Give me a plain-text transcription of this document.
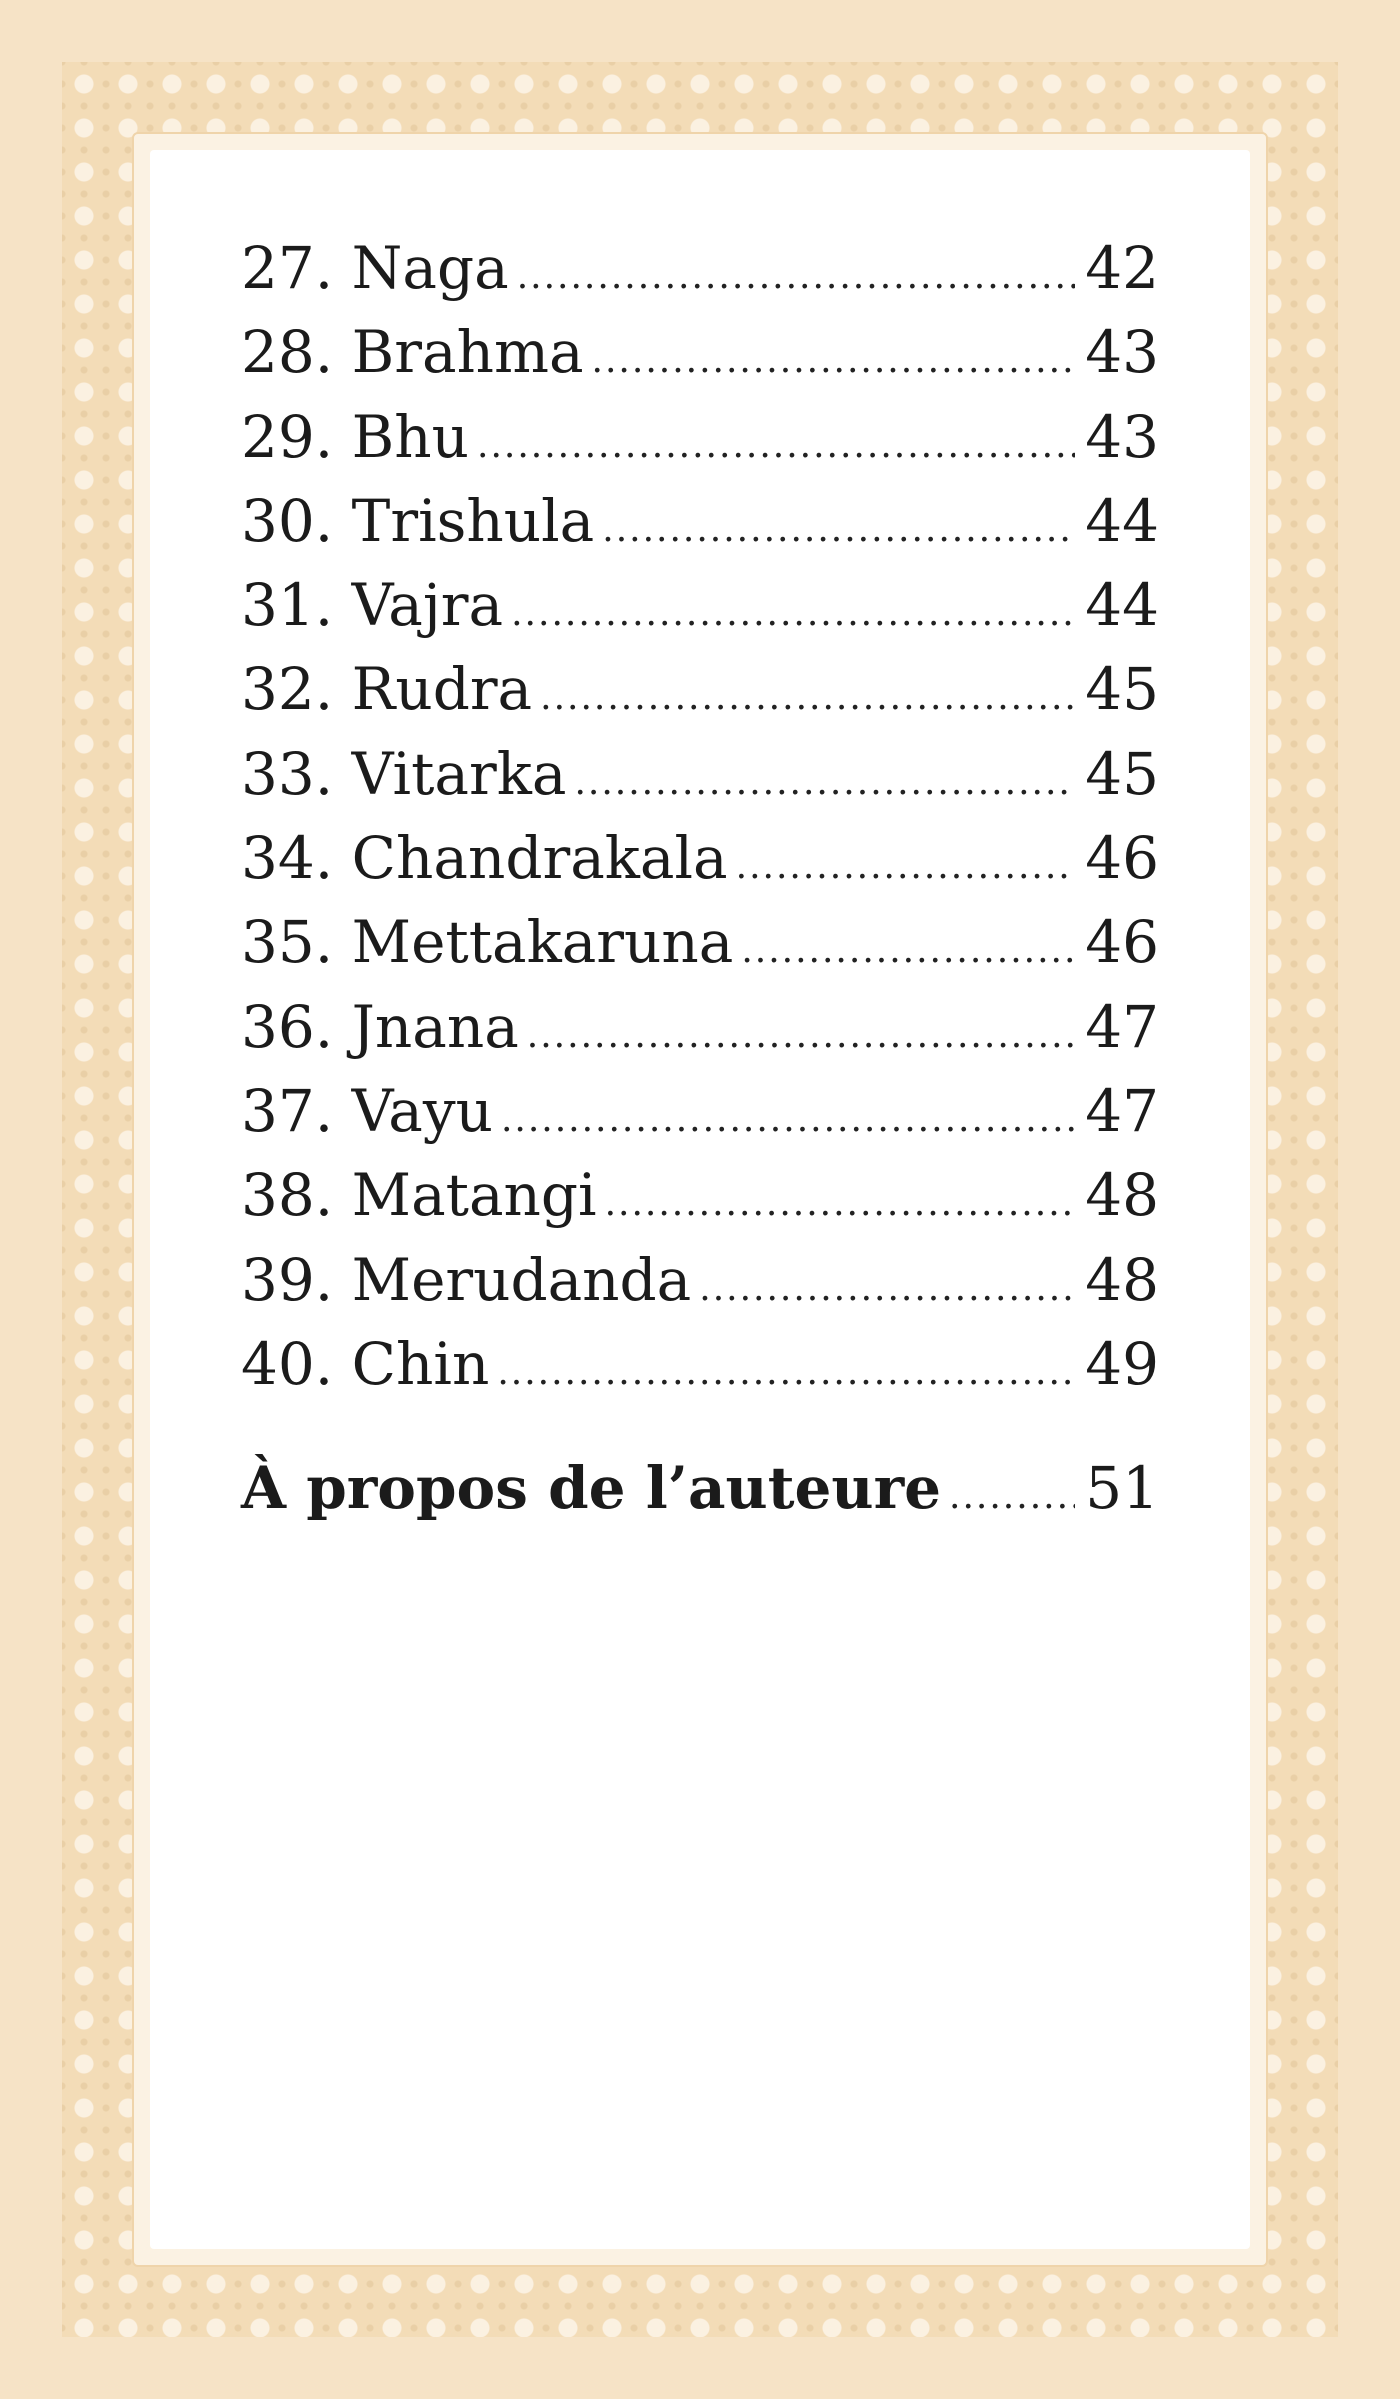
27. Naga .....	42
28. Brahma .....	43
29. Bhu .....	43
30. Trishula .....	44
31. Vajra .....	44
32. Rudra .....	45
33. Vitarka .....	45
34. Chandrakala .....	46
35. Mettakaruna .....	46
36. Jnana .....	47
37. Vayu .....	47
38. Matangi .....	48
39. Merudanda .....	48
40. Chin .....	49
À propos de l’auteure ..... 51
